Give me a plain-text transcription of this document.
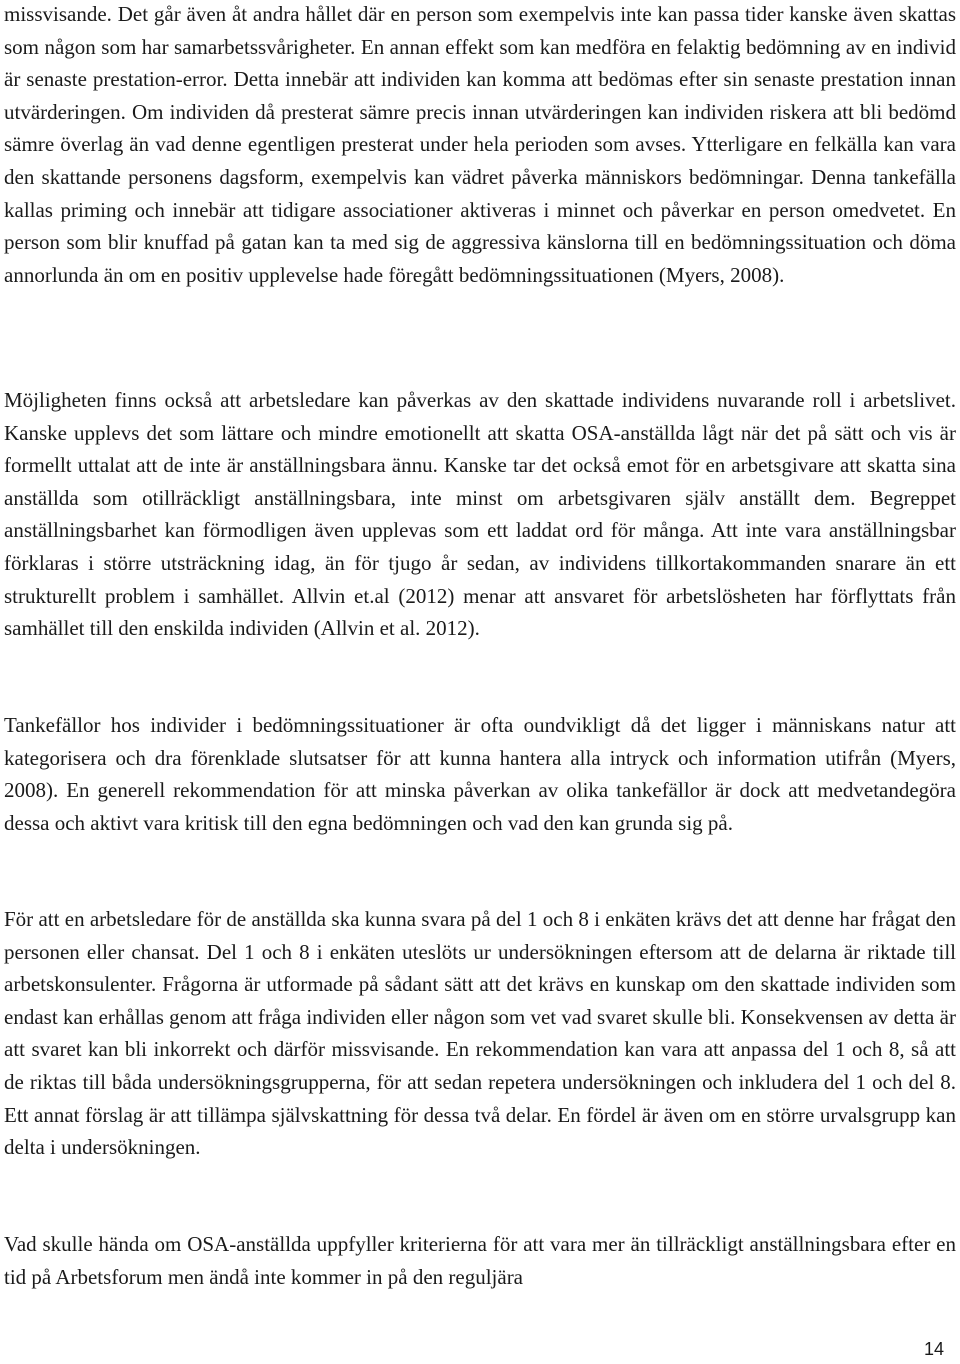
missvisande. Det går även åt andra hållet där en person som exempelvis inte kan passa tider kanske även skattas som någon som har samarbetssvårigheter. En annan effekt som kan medföra en felaktig bedömning av en individ är senaste prestation-error. Detta innebär att individen kan komma att bedömas efter sin senaste prestation innan utvärderingen. Om individen då presterat sämre precis innan utvärderingen kan individen riskera att bli bedömd sämre överlag än vad denne egentligen presterat under hela perioden som avses. Ytterligare en felkälla kan vara den skattande personens dagsform, exempelvis kan vädret påverka människors bedömningar. Denna tankefälla kallas priming och innebär att tidigare associationer aktiveras i minnet och påverkar en person omedvetet. En person som blir knuffad på gatan kan ta med sig de aggressiva känslorna till en bedömningssituation och döma annorlunda än om en positiv upplevelse hade föregått bedömningssituationen (Myers, 2008).

Möjligheten finns också att arbetsledare kan påverkas av den skattade individens nuvarande roll i arbetslivet. Kanske upplevs det som lättare och mindre emotionellt att skatta OSA-anställda lågt när det på sätt och vis är formellt uttalat att de inte är anställningsbara ännu. Kanske tar det också emot för en arbetsgivare att skatta sina anställda som otillräckligt anställningsbara, inte minst om arbetsgivaren själv anställt dem. Begreppet anställningsbarhet kan förmodligen även upplevas som ett laddat ord för många. Att inte vara anställningsbar förklaras i större utsträckning idag, än för tjugo år sedan, av individens tillkortakommanden snarare än ett strukturellt problem i samhället. Allvin et.al (2012) menar att ansvaret för arbetslösheten har förflyttats från samhället till den enskilda individen (Allvin et al. 2012).

Tankefällor hos individer i bedömningssituationer är ofta oundvikligt då det ligger i människans natur att kategorisera och dra förenklade slutsatser för att kunna hantera alla intryck och information utifrån (Myers, 2008). En generell rekommendation för att minska påverkan av olika tankefällor är dock att medvetandegöra dessa och aktivt vara kritisk till den egna bedömningen och vad den kan grunda sig på.

För att en arbetsledare för de anställda ska kunna svara på del 1 och 8 i enkäten krävs det att denne har frågat den personen eller chansat. Del 1 och 8 i enkäten uteslöts ur undersökningen eftersom att de delarna är riktade till arbetskonsulenter. Frågorna är utformade på sådant sätt att det krävs en kunskap om den skattade individen som endast kan erhållas genom att fråga individen eller någon som vet vad svaret skulle bli. Konsekvensen av detta är att svaret kan bli inkorrekt och därför missvisande. En rekommendation kan vara att anpassa del 1 och 8, så att de riktas till båda undersökningsgrupperna, för att sedan repetera undersökningen och inkludera del 1 och del 8. Ett annat förslag är att tillämpa självskattning för dessa två delar. En fördel är även om en större urvalsgrupp kan delta i undersökningen.

Vad skulle hända om OSA-anställda uppfyller kriterierna för att vara mer än tillräckligt anställningsbara efter en tid på Arbetsforum men ändå inte kommer in på den reguljära

14
